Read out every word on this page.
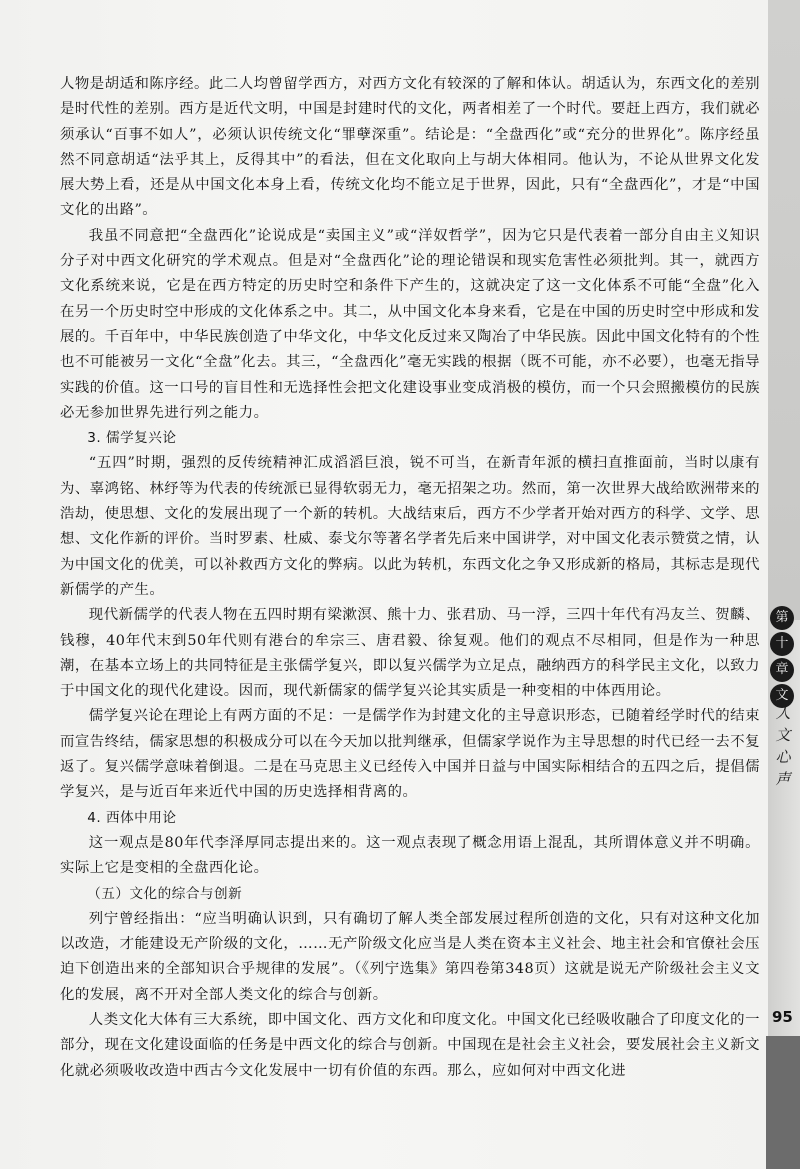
人物是胡适和陈序经。此二人均曾留学西方，对西方文化有较深的了解和体认。胡适认为，东西文化的差别是时代性的差别。西方是近代文明，中国是封建时代的文化，两者相差了一个时代。要赶上西方，我们就必须承认“百事不如人”，必须认识传统文化“罪孽深重”。结论是：“全盘西化”或“充分的世界化”。陈序经虽然不同意胡适“法乎其上，反得其中”的看法，但在文化取向上与胡大体相同。他认为，不论从世界文化发展大势上看，还是从中国文化本身上看，传统文化均不能立足于世界，因此，只有“全盘西化”，才是“中国文化的出路”。

我虽不同意把“全盘西化”论说成是“卖国主义”或“洋奴哲学”，因为它只是代表着一部分自由主义知识分子对中西文化研究的学术观点。但是对“全盘西化”论的理论错误和现实危害性必须批判。其一，就西方文化系统来说，它是在西方特定的历史时空和条件下产生的，这就决定了这一文化体系不可能“全盘”化入在另一个历史时空中形成的文化体系之中。其二，从中国文化本身来看，它是在中国的历史时空中形成和发展的。千百年中，中华民族创造了中华文化，中华文化反过来又陶冶了中华民族。因此中国文化特有的个性也不可能被另一文化“全盘”化去。其三，“全盘西化”毫无实践的根据（既不可能，亦不必要），也毫无指导实践的价值。这一口号的盲目性和无选择性会把文化建设事业变成消极的模仿，而一个只会照搬模仿的民族必无参加世界先进行列之能力。

3. 儒学复兴论

“五四”时期，强烈的反传统精神汇成滔滔巨浪，锐不可当，在新青年派的横扫直推面前，当时以康有为、辜鸿铭、林纾等为代表的传统派已显得软弱无力，毫无招架之功。然而，第一次世界大战给欧洲带来的浩劫，使思想、文化的发展出现了一个新的转机。大战结束后，西方不少学者开始对西方的科学、文学、思想、文化作新的评价。当时罗素、杜威、泰戈尔等著名学者先后来中国讲学，对中国文化表示赞赏之情，认为中国文化的优美，可以补救西方文化的弊病。以此为转机，东西文化之争又形成新的格局，其标志是现代新儒学的产生。

现代新儒学的代表人物在五四时期有梁漱溟、熊十力、张君劢、马一浮，三四十年代有冯友兰、贺麟、钱穆，40年代末到50年代则有港台的牟宗三、唐君毅、徐复观。他们的观点不尽相同，但是作为一种思潮，在基本立场上的共同特征是主张儒学复兴，即以复兴儒学为立足点，融纳西方的科学民主文化，以致力于中国文化的现代化建设。因而，现代新儒家的儒学复兴论其实质是一种变相的中体西用论。

儒学复兴论在理论上有两方面的不足：一是儒学作为封建文化的主导意识形态，已随着经学时代的结束而宣告终结，儒家思想的积极成分可以在今天加以批判继承，但儒家学说作为主导思想的时代已经一去不复返了。复兴儒学意味着倒退。二是在马克思主义已经传入中国并日益与中国实际相结合的五四之后，提倡儒学复兴，是与近百年来近代中国的历史选择相背离的。

4. 西体中用论

这一观点是80年代李泽厚同志提出来的。这一观点表现了概念用语上混乱，其所谓体意义并不明确。实际上它是变相的全盘西化论。

（五）文化的综合与创新

列宁曾经指出：“应当明确认识到，只有确切了解人类全部发展过程所创造的文化，只有对这种文化加以改造，才能建设无产阶级的文化，……无产阶级文化应当是人类在资本主义社会、地主社会和官僚社会压迫下创造出来的全部知识合乎规律的发展”。（《列宁选集》第四卷第348页）这就是说无产阶级社会主义文化的发展，离不开对全部人类文化的综合与创新。

人类文化大体有三大系统，即中国文化、西方文化和印度文化。中国文化已经吸收融合了印度文化的一部分，现在文化建设面临的任务是中西文化的综合与创新。中国现在是社会主义社会，要发展社会主义新文化就必须吸收改造中西古今文化发展中一切有价值的东西。那么，应如何对中西文化进

第
十
章
文
人
文
心
声
95
